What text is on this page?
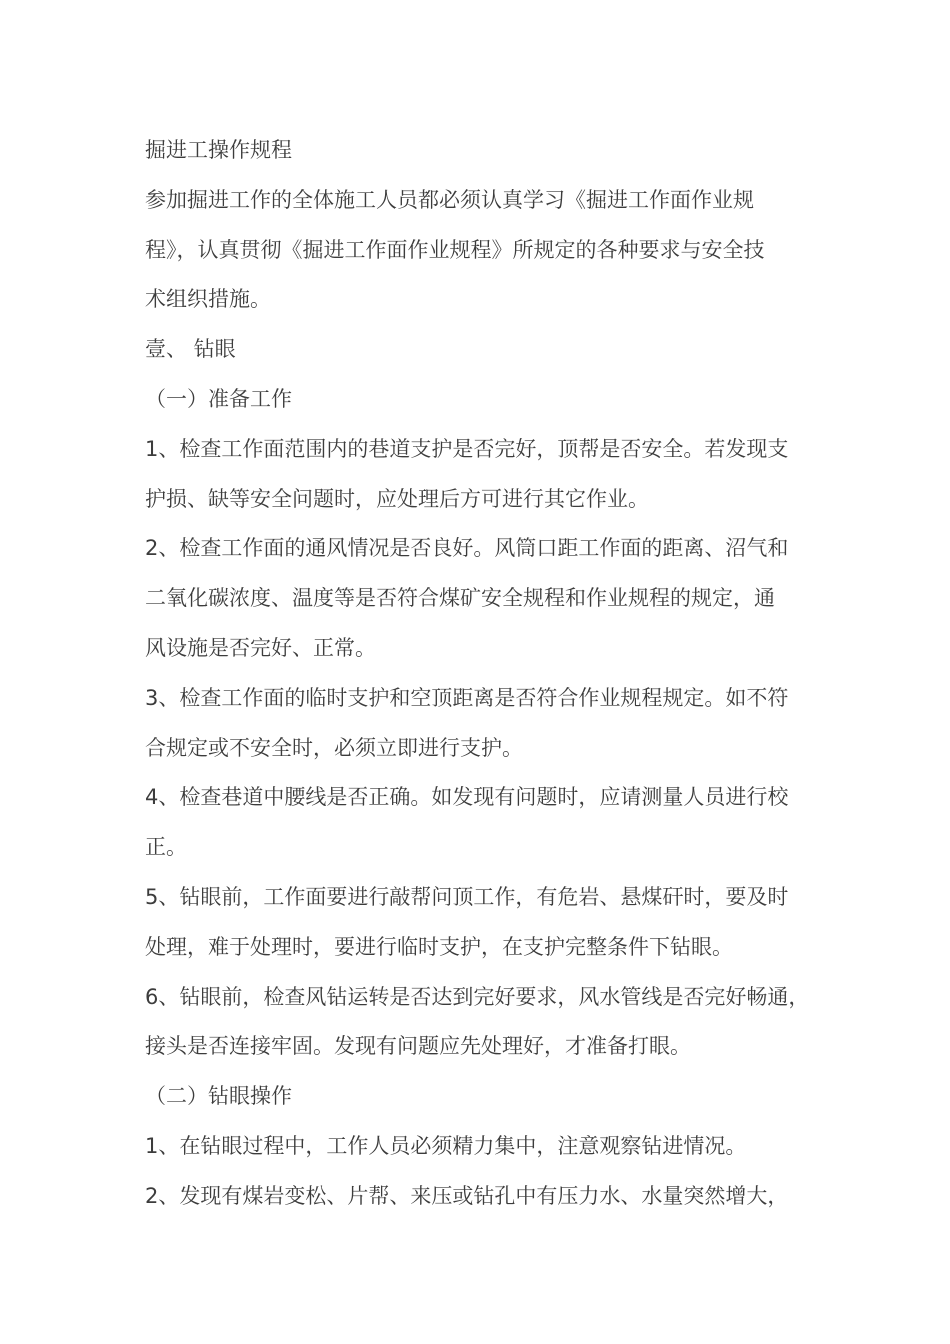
掘进工操作规程
参加掘进工作的全体施工人员都必须认真学习《掘进工作面作业规
程》，认真贯彻《掘进工作面作业规程》所规定的各种要求与安全技
术组织措施。
壹、 钻眼
（一）准备工作
1、检查工作面范围内的巷道支护是否完好，顶帮是否安全。若发现支
护损、缺等安全问题时，应处理后方可进行其它作业。
2、检查工作面的通风情况是否良好。风筒口距工作面的距离、沼气和
二氧化碳浓度、温度等是否符合煤矿安全规程和作业规程的规定，通
风设施是否完好、正常。
3、检查工作面的临时支护和空顶距离是否符合作业规程规定。如不符
合规定或不安全时，必须立即进行支护。
4、检查巷道中腰线是否正确。如发现有问题时，应请测量人员进行校
正。
5、钻眼前，工作面要进行敲帮问顶工作，有危岩、悬煤矸时，要及时
处理，难于处理时，要进行临时支护，在支护完整条件下钻眼。
6、钻眼前，检查风钻运转是否达到完好要求，风水管线是否完好畅通，
接头是否连接牢固。发现有问题应先处理好，才准备打眼。
（二）钻眼操作
1、在钻眼过程中，工作人员必须精力集中，注意观察钻进情况。
2、发现有煤岩变松、片帮、来压或钻孔中有压力水、水量突然增大，
